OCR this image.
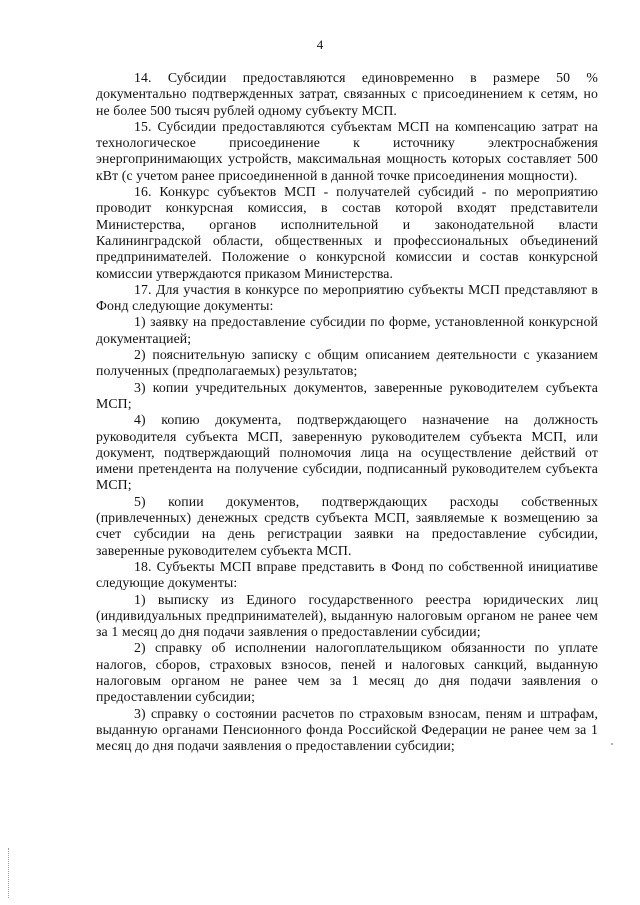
4

14. Субсидии предоставляются единовременно в размере 50 % документально подтвержденных затрат, связанных с присоединением к сетям, но не более 500 тысяч рублей одному субъекту МСП.

15. Субсидии предоставляются субъектам МСП на компенсацию затрат на технологическое присоединение к источнику электроснабжения энергопринимающих устройств, максимальная мощность которых составляет 500 кВт (с учетом ранее присоединенной в данной точке присоединения мощности).

16. Конкурс субъектов МСП - получателей субсидий - по мероприятию проводит конкурсная комиссия, в состав которой входят представители Министерства, органов исполнительной и законодательной власти Калининградской области, общественных и профессиональных объединений предпринимателей. Положение о конкурсной комиссии и состав конкурсной комиссии утверждаются приказом Министерства.

17. Для участия в конкурсе по мероприятию субъекты МСП представляют в Фонд следующие документы:

1) заявку на предоставление субсидии по форме, установленной конкурсной документацией;

2) пояснительную записку с общим описанием деятельности с указанием полученных (предполагаемых) результатов;

3) копии учредительных документов, заверенные руководителем субъекта МСП;

4) копию документа, подтверждающего назначение на должность руководителя субъекта МСП, заверенную руководителем субъекта МСП, или документ, подтверждающий полномочия лица на осуществление действий от имени претендента на получение субсидии, подписанный руководителем субъекта МСП;

5) копии документов, подтверждающих расходы собственных (привлеченных) денежных средств субъекта МСП, заявляемые к возмещению за счет субсидии на день регистрации заявки на предоставление субсидии, заверенные руководителем субъекта МСП.

18. Субъекты МСП вправе представить в Фонд по собственной инициативе следующие документы:

1) выписку из Единого государственного реестра юридических лиц (индивидуальных предпринимателей), выданную налоговым органом не ранее чем за 1 месяц до дня подачи заявления о предоставлении субсидии;

2) справку об исполнении налогоплательщиком обязанности по уплате налогов, сборов, страховых взносов, пеней и налоговых санкций, выданную налоговым органом не ранее чем за 1 месяц до дня подачи заявления о предоставлении субсидии;

3) справку о состоянии расчетов по страховым взносам, пеням и штрафам, выданную органами Пенсионного фонда Российской Федерации не ранее чем за 1 месяц до дня подачи заявления о предоставлении субсидии;
